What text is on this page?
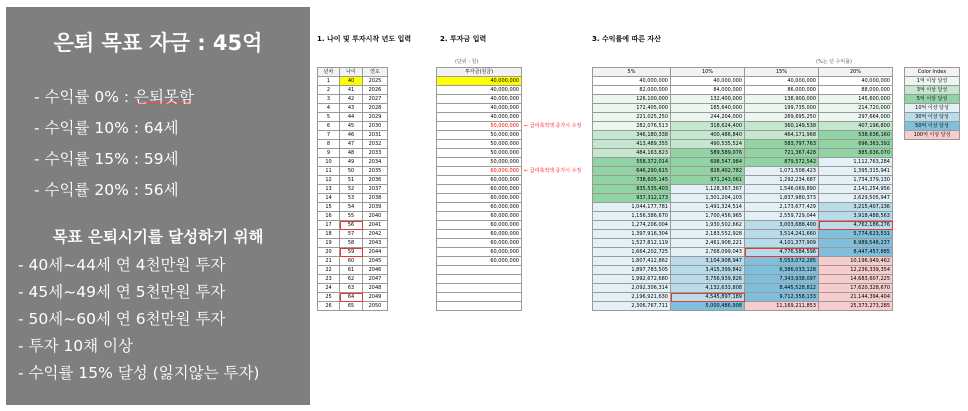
은퇴 목표 자금 : 45억
- 수익률 0% : 은퇴못함
- 수익률 10% : 64세
- 수익률 15% : 59세
- 수익률 20% : 56세
목표 은퇴시기를 달성하기 위해
- 40세~44세 연 4천만원 투자
- 45세~49세 연 5천만원 투자
- 50세~60세 연 6천만원 투자
- 투자 10채 이상
- 수익률 15% 달성 (잃지않는 투자)
1. 나이 및 투자시작 년도 입력	2. 투자금 입력	3. 수익률에 따른 자산
(단위 : 원)	(%는 년 수익률)
년차	나이	연도
1	40	2025
2	41	2026
3	42	2027
4	43	2028
5	44	2029
6	45	2030
7	46	2031
8	47	2032
9	48	2033
10	49	2034
11	50	2035
12	51	2036
13	52	2037
14	53	2038
15	54	2039
16	55	2040
17	56	2041
18	57	2042
19	58	2043
20	59	2044
21	60	2045
22	61	2046
23	62	2047
24	63	2048
25	64	2049
26	65	2050
투자금(원금)
40,000,000
40,000,000
40,000,000
40,000,000
40,000,000
50,000,000
50,000,000
50,000,000
50,000,000
50,000,000
60,000,000
60,000,000
60,000,000
60,000,000
60,000,000
60,000,000
60,000,000
60,000,000
60,000,000
60,000,000
60,000,000

← 급여축적액 증가시 수정
← 급여축적액 증가시 수정
5%	10%	15%	20%
40,000,000	40,000,000	40,000,000	40,000,000
82,000,000	84,000,000	86,000,000	88,000,000
126,100,000	132,400,000	138,900,000	145,600,000
172,405,000	185,640,000	199,735,000	214,720,000
221,025,250	244,204,000	269,695,250	297,664,000
282,076,513	318,624,400	360,149,538	407,196,800
346,180,338	400,486,840	464,171,968	538,636,160
413,489,355	490,535,524	583,797,763	696,363,392
484,163,823	589,589,076	721,367,428	885,636,070
558,372,014	698,547,984	879,572,542	1,112,763,284
646,290,615	828,402,782	1,071,508,423	1,395,315,941
738,605,145	971,243,061	1,292,234,687	1,734,379,130
835,535,403	1,128,367,367	1,546,069,890	2,141,254,956
937,312,173	1,301,204,103	1,837,980,373	2,629,505,947
1,044,177,781	1,491,324,514	2,173,677,429	3,215,407,136
1,156,386,670	1,700,456,965	2,559,729,044	3,918,488,563
1,274,206,004	1,930,502,662	3,003,688,400	4,762,186,276
1,397,916,304	2,183,552,928	3,514,241,660	5,774,623,531
1,527,812,119	2,461,908,221	4,101,377,909	6,989,548,237
1,664,202,725	2,768,099,043	4,776,584,596	8,447,457,885
1,807,412,862	3,104,908,947	5,553,072,285	10,196,949,462
1,897,783,505	3,415,399,842	6,386,033,128	12,236,339,354
1,992,672,680	3,756,939,826	7,343,938,097	14,683,607,225
2,092,306,314	4,132,633,808	8,445,528,812	17,620,328,670
2,196,921,630	4,545,897,189	9,712,358,133	21,144,394,404
2,306,767,711	5,000,486,908	11,169,211,853	25,373,273,285
Color Index
1억 이상 달성
3억 이상 달성
5억 이상 달성
10억 이상 달성
30억 이상 달성
50억 이상 달성
100억 이상 달성
